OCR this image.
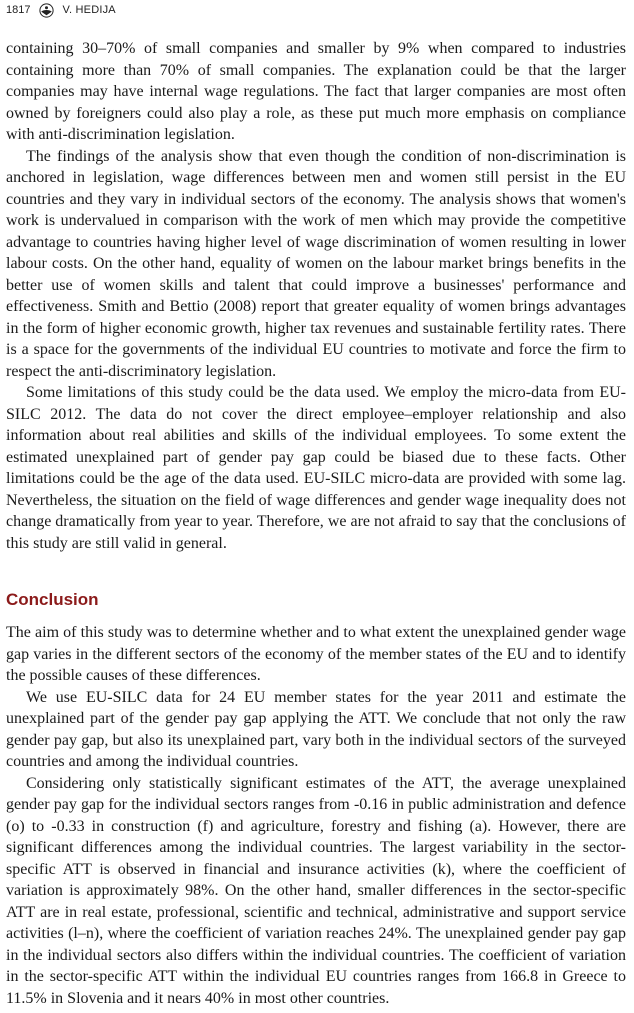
1817	V. HEDIJA

containing 30–70% of small companies and smaller by 9% when compared to industries containing more than 70% of small companies. The explanation could be that the larger companies may have internal wage regulations. The fact that larger companies are most often owned by foreigners could also play a role, as these put much more emphasis on compliance with anti-discrimination legislation.

The findings of the analysis show that even though the condition of non-discrimination is anchored in legislation, wage differences between men and women still persist in the EU countries and they vary in individual sectors of the economy. The analysis shows that women's work is undervalued in comparison with the work of men which may provide the competitive advantage to countries having higher level of wage discrimination of women resulting in lower labour costs. On the other hand, equality of women on the labour market brings benefits in the better use of women skills and talent that could improve a businesses' performance and effectiveness. Smith and Bettio (2008) report that greater equality of women brings advantages in the form of higher economic growth, higher tax revenues and sustainable fertility rates. There is a space for the governments of the individual EU countries to motivate and force the firm to respect the anti-discriminatory legislation.

Some limitations of this study could be the data used. We employ the micro-data from EU-SILC 2012. The data do not cover the direct employee–employer relationship and also information about real abilities and skills of the individual employees. To some extent the estimated unexplained part of gender pay gap could be biased due to these facts. Other limitations could be the age of the data used. EU-SILC micro-data are provided with some lag. Nevertheless, the situation on the field of wage differences and gender wage inequality does not change dramatically from year to year. Therefore, we are not afraid to say that the conclusions of this study are still valid in general.

Conclusion

The aim of this study was to determine whether and to what extent the unexplained gender wage gap varies in the different sectors of the economy of the member states of the EU and to identify the possible causes of these differences.

We use EU-SILC data for 24 EU member states for the year 2011 and estimate the unexplained part of the gender pay gap applying the ATT. We conclude that not only the raw gender pay gap, but also its unexplained part, vary both in the individual sectors of the surveyed countries and among the individual countries.

Considering only statistically significant estimates of the ATT, the average unexplained gender pay gap for the individual sectors ranges from -0.16 in public administration and defence (o) to -0.33 in construction (f) and agriculture, forestry and fishing (a). However, there are significant differences among the individual countries. The largest variability in the sector-specific ATT is observed in financial and insurance activities (k), where the coefficient of variation is approximately 98%. On the other hand, smaller differences in the sector-specific ATT are in real estate, professional, scientific and technical, administrative and support service activities (l–n), where the coefficient of variation reaches 24%. The unexplained gender pay gap in the individual sectors also differs within the individual countries. The coefficient of variation in the sector-specific ATT within the individual EU countries ranges from 166.8 in Greece to 11.5% in Slovenia and it nears 40% in most other countries.
